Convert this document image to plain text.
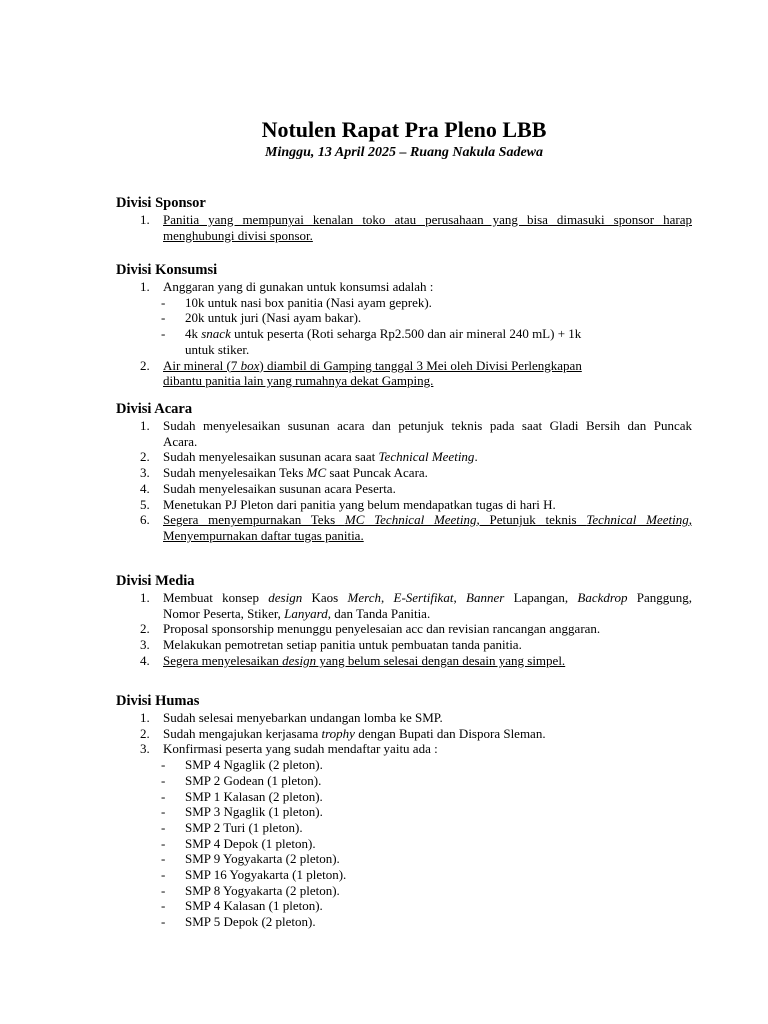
Notulen Rapat Pra Pleno LBB
Minggu, 13 April 2025 – Ruang Nakula Sadewa
Divisi Sponsor
1. Panitia yang mempunyai kenalan toko atau perusahaan yang bisa dimasuki sponsor harap
menghubungi divisi sponsor.
Divisi Konsumsi
1. Anggaran yang di gunakan untuk konsumsi adalah :
- 10k untuk nasi box panitia (Nasi ayam geprek).
- 20k untuk juri (Nasi ayam bakar).
- 4k snack untuk peserta (Roti seharga Rp2.500 dan air mineral 240 mL) + 1k
untuk stiker.
2. Air mineral (7 box) diambil di Gamping tanggal 3 Mei oleh Divisi Perlengkapan
dibantu panitia lain yang rumahnya dekat Gamping.
Divisi Acara
1. Sudah menyelesaikan susunan acara dan petunjuk teknis pada saat Gladi Bersih dan Puncak
Acara.
2. Sudah menyelesaikan susunan acara saat Technical Meeting.
3. Sudah menyelesaikan Teks MC saat Puncak Acara.
4. Sudah menyelesaikan susunan acara Peserta.
5. Menetukan PJ Pleton dari panitia yang belum mendapatkan tugas di hari H.
6. Segera menyempurnakan Teks MC Technical Meeting, Petunjuk teknis Technical Meeting,
Menyempurnakan daftar tugas panitia.
Divisi Media
1. Membuat konsep design Kaos Merch, E-Sertifikat, Banner Lapangan, Backdrop Panggung,
Nomor Peserta, Stiker, Lanyard, dan Tanda Panitia.
2. Proposal sponsorship menunggu penyelesaian acc dan revisian rancangan anggaran.
3. Melakukan pemotretan setiap panitia untuk pembuatan tanda panitia.
4. Segera menyelesaikan design yang belum selesai dengan desain yang simpel.
Divisi Humas
1. Sudah selesai menyebarkan undangan lomba ke SMP.
2. Sudah mengajukan kerjasama trophy dengan Bupati dan Dispora Sleman.
3. Konfirmasi peserta yang sudah mendaftar yaitu ada :
- SMP 4 Ngaglik (2 pleton).
- SMP 2 Godean (1 pleton).
- SMP 1 Kalasan (2 pleton).
- SMP 3 Ngaglik (1 pleton).
- SMP 2 Turi (1 pleton).
- SMP 4 Depok (1 pleton).
- SMP 9 Yogyakarta (2 pleton).
- SMP 16 Yogyakarta (1 pleton).
- SMP 8 Yogyakarta (2 pleton).
- SMP 4 Kalasan (1 pleton).
- SMP 5 Depok (2 pleton).
